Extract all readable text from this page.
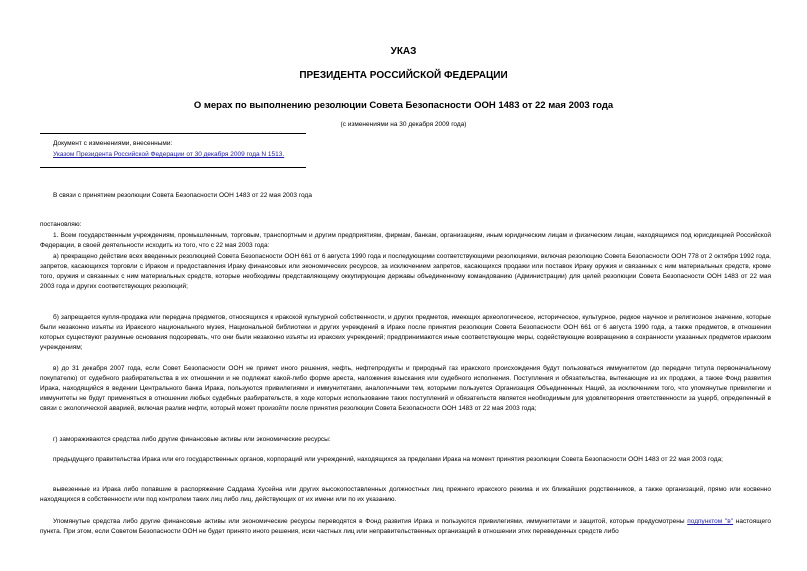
УКАЗ
ПРЕЗИДЕНТА РОССИЙСКОЙ ФЕДЕРАЦИИ
О мерах по выполнению резолюции Совета Безопасности ООН 1483 от 22 мая 2003 года
(с изменениями на 30 декабря 2009 года)
Документ с изменениями, внесенными:
Указом Президента Российской Федерации от 30 декабря 2009 года N 1513.
В связи с принятием резолюции Совета Безопасности ООН 1483 от 22 мая 2003 года
постановляю:
1. Всем государственным учреждениям, промышленным, торговым, транспортным и другим предприятиям, фирмам, банкам, организациям, иным юридическим лицам и физическим лицам, находящимся под юрисдикцией Российской Федерации, в своей деятельности исходить из того, что с 22 мая 2003 года:
а) прекращено действие всех введенных резолюцией Совета Безопасности ООН 661 от 6 августа 1990 года и последующими соответствующими резолюциями, включая резолюцию Совета Безопасности ООН 778 от 2 октября 1992 года, запретов, касающихся торговли с Ираком и предоставления Ираку финансовых или экономических ресурсов, за исключением запретов, касающихся продажи или поставок Ираку оружия и связанных с ним материальных средств, кроме того, оружия и связанных с ним материальных средств, которые необходимы представляющему оккупирующие державы объединенному командованию (Администрации) для целей резолюции Совета Безопасности ООН 1483 от 22 мая 2003 года и других соответствующих резолюций;
б) запрещается купля-продажа или передача предметов, относящихся к иракской культурной собственности, и других предметов, имеющих археологическое, историческое, культурное, редкое научное и религиозное значение, которые были незаконно изъяты из Иракского национального музея, Национальной библиотеки и других учреждений в Ираке после принятия резолюции Совета Безопасности ООН 661 от 6 августа 1990 года, а также предметов, в отношении которых существуют разумные основания подозревать, что они были незаконно изъяты из иракских учреждений; предпринимаются иные соответствующие меры, содействующие возвращению в сохранности указанных предметов иракским учреждениям;
в) до 31 декабря 2007 года, если Совет Безопасности ООН не примет иного решения, нефть, нефтепродукты и природный газ иракского происхождения будут пользоваться иммунитетом (до передачи титула первоначальному покупателю) от судебного разбирательства в их отношении и не подлежат какой-либо форме ареста, наложения взыскания или судебного исполнения. Поступления и обязательства, вытекающие из их продажи, а также Фонд развития Ирака, находящийся в ведении Центрального банка Ирака, пользуются привилегиями и иммунитетами, аналогичными тем, которыми пользуется Организация Объединенных Наций, за исключением того, что упомянутые привилегии и иммунитеты не будут применяться в отношении любых судебных разбирательств, в ходе которых использование таких поступлений и обязательств является необходимым для удовлетворения ответственности за ущерб, определенный в связи с экологической аварией, включая разлив нефти, который может произойти после принятия резолюции Совета Безопасности ООН 1483 от 22 мая 2003 года;
г) замораживаются средства либо другие финансовые активы или экономические ресурсы:
предыдущего правительства Ирака или его государственных органов, корпораций или учреждений, находящихся за пределами Ирака на момент принятия резолюции Совета Безопасности ООН 1483 от 22 мая 2003 года;
вывезенные из Ирака либо попавшие в распоряжение Саддама Хусейна или других высокопоставленных должностных лиц прежнего иракского режима и их ближайших родственников, а также организаций, прямо или косвенно находящихся в собственности или под контролем таких лиц либо лиц, действующих от их имени или по их указанию.
Упомянутые средства либо другие финансовые активы или экономические ресурсы переводятся в Фонд развития Ирака и пользуются привилегиями, иммунитетами и защитой, которые предусмотрены подпунктом "в" настоящего пункта. При этом, если Советом Безопасности ООН не будет принято иного решения, иски частных лиц или неправительственных организаций в отношении этих переведенных средств либо
